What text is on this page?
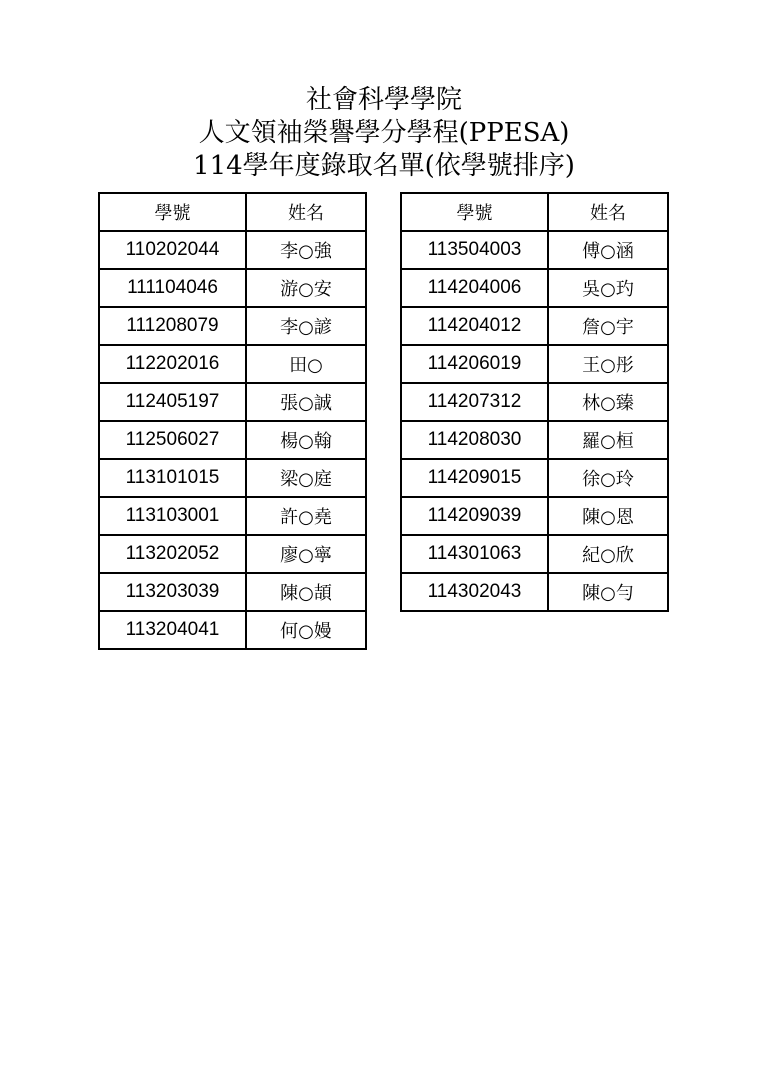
社會科學學院
人文領袖榮譽學分學程(PPESA)
114學年度錄取名單(依學號排序)
學號	姓名
110202044	李○強
111104046	游○安
111208079	李○諺
112202016	田○
112405197	張○誠
112506027	楊○翰
113101015	梁○庭
113103001	許○堯
113202052	廖○寧
113203039	陳○頡
113204041	何○嫚
學號	姓名
113504003	傅○涵
114204006	吳○玓
114204012	詹○宇
114206019	王○彤
114207312	林○臻
114208030	羅○桓
114209015	徐○玲
114209039	陳○恩
114301063	紀○欣
114302043	陳○勻
